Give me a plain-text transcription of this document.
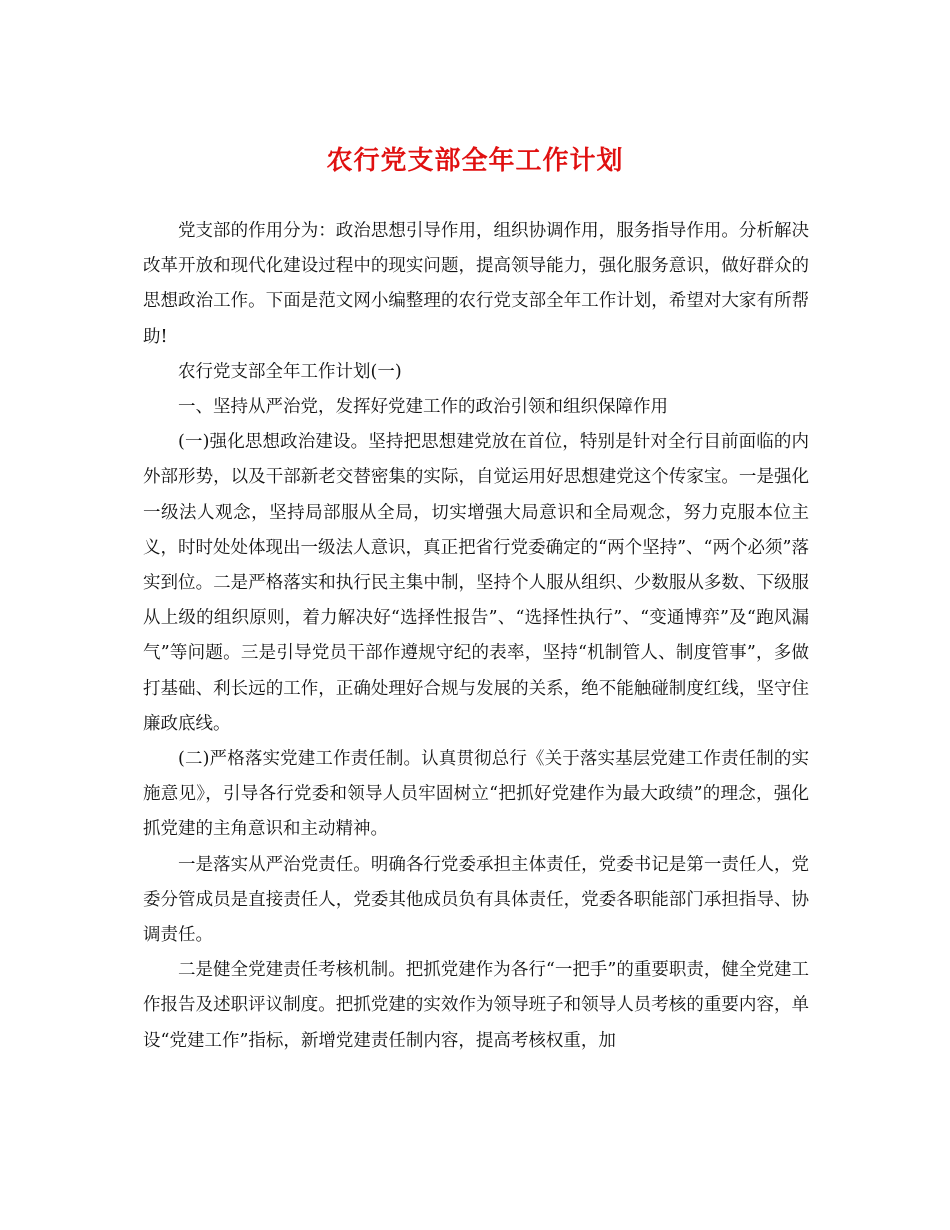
农行党支部全年工作计划

党支部的作用分为：政治思想引导作用，组织协调作用，服务指导作用。分析解决改革开放和现代化建设过程中的现实问题，提高领导能力，强化服务意识，做好群众的思想政治工作。下面是范文网小编整理的农行党支部全年工作计划，希望对大家有所帮助!

农行党支部全年工作计划(一)

一、坚持从严治党，发挥好党建工作的政治引领和组织保障作用

(一)强化思想政治建设。坚持把思想建党放在首位，特别是针对全行目前面临的内外部形势，以及干部新老交替密集的实际，自觉运用好思想建党这个传家宝。一是强化一级法人观念，坚持局部服从全局，切实增强大局意识和全局观念，努力克服本位主义，时时处处体现出一级法人意识，真正把省行党委确定的“两个坚持”、“两个必须”落实到位。二是严格落实和执行民主集中制，坚持个人服从组织、少数服从多数、下级服从上级的组织原则，着力解决好“选择性报告”、“选择性执行”、“变通博弈”及“跑风漏气”等问题。三是引导党员干部作遵规守纪的表率，坚持“机制管人、制度管事”，多做打基础、利长远的工作，正确处理好合规与发展的关系，绝不能触碰制度红线，坚守住廉政底线。

(二)严格落实党建工作责任制。认真贯彻总行《关于落实基层党建工作责任制的实施意见》，引导各行党委和领导人员牢固树立“把抓好党建作为最大政绩”的理念，强化抓党建的主角意识和主动精神。

一是落实从严治党责任。明确各行党委承担主体责任，党委书记是第一责任人，党委分管成员是直接责任人，党委其他成员负有具体责任，党委各职能部门承担指导、协调责任。

二是健全党建责任考核机制。把抓党建作为各行“一把手”的重要职责，健全党建工作报告及述职评议制度。把抓党建的实效作为领导班子和领导人员考核的重要内容，单设“党建工作”指标，新增党建责任制内容，提高考核权重，加
